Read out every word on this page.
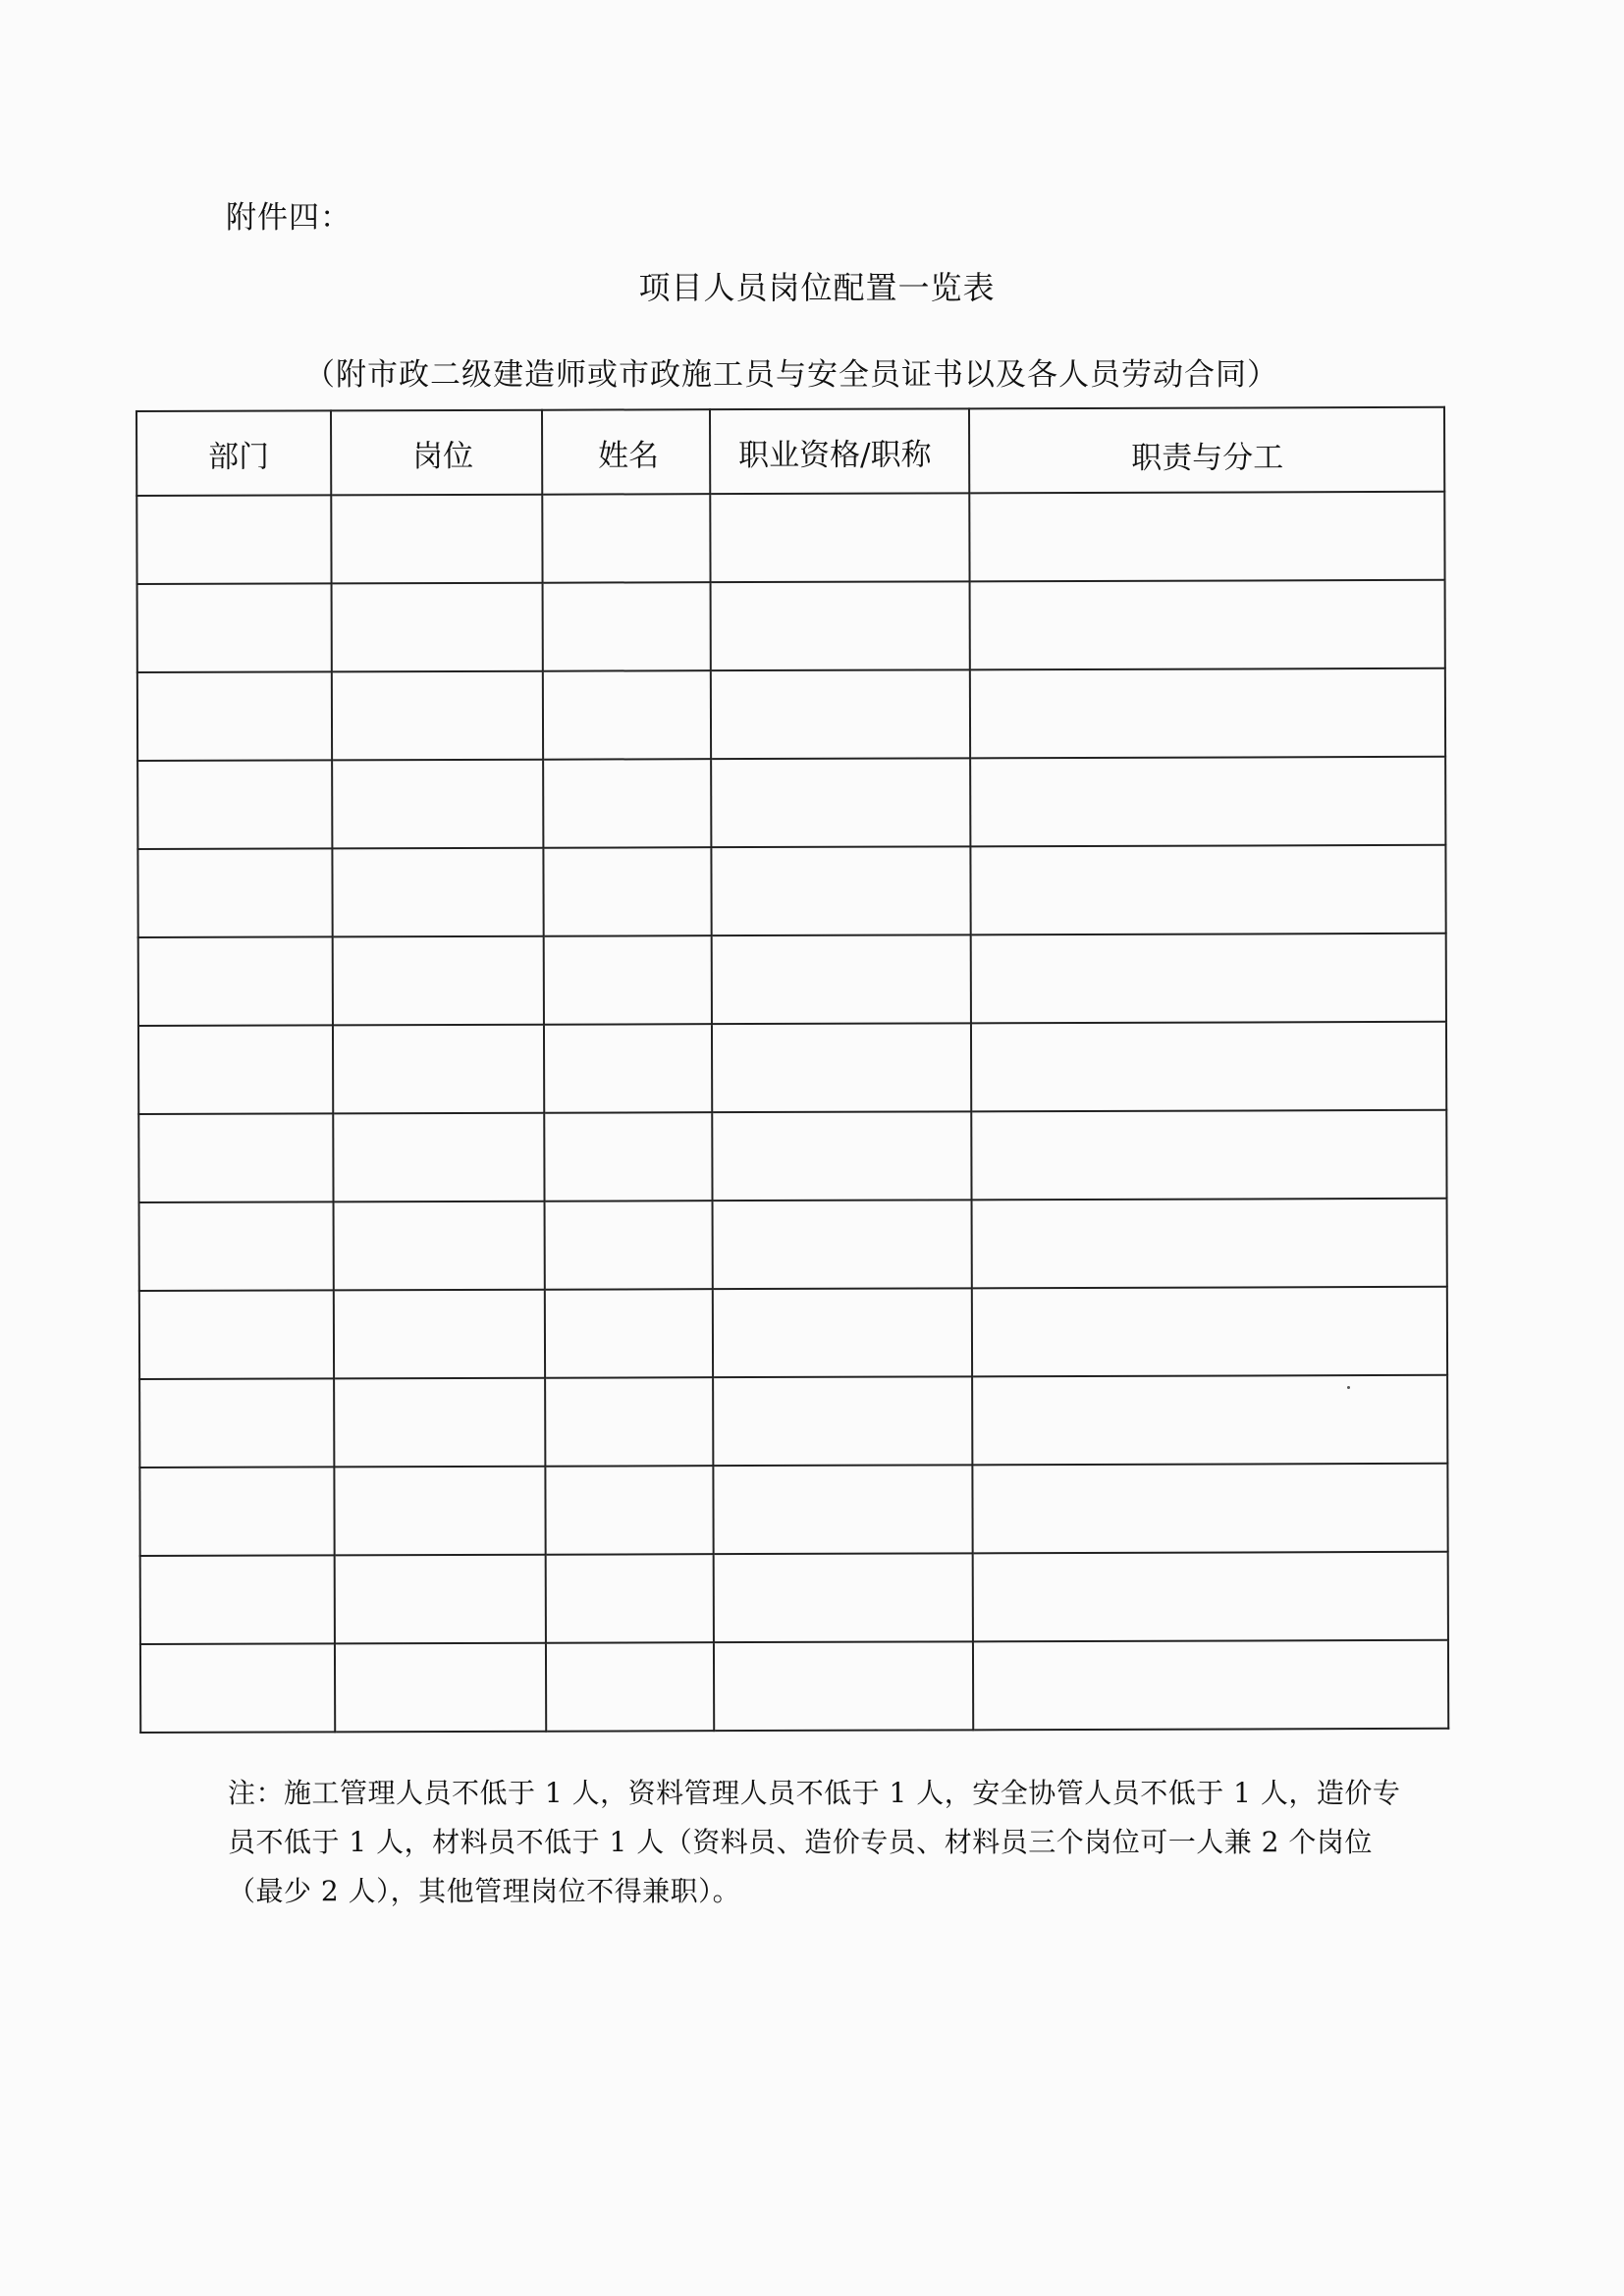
附件四：
项目人员岗位配置一览表
（附市政二级建造师或市政施工员与安全员证书以及各人员劳动合同）
部门	岗位	姓名	职业资格/职称	职责与分工

注：施工管理人员不低于 1 人，资料管理人员不低于 1 人，安全协管人员不低于 1 人，造价专员不低于 1 人，材料员不低于 1 人（资料员、造价专员、材料员三个岗位可一人兼 2 个岗位（最少 2 人），其他管理岗位不得兼职）。
